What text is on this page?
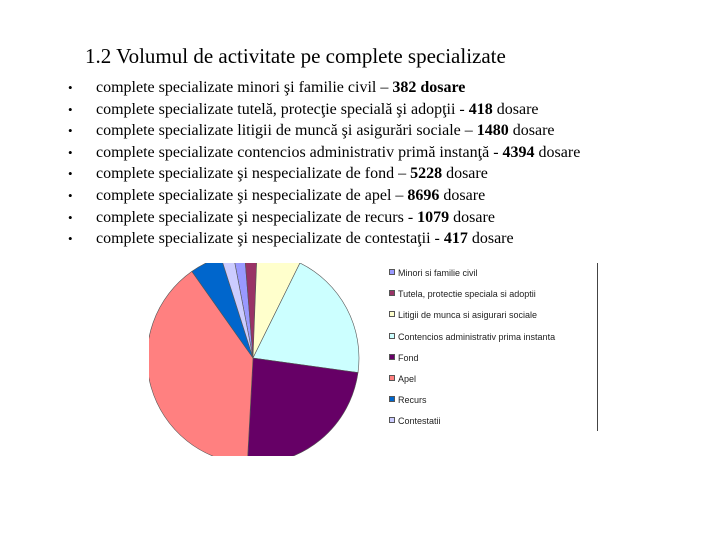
1.2 Volumul de activitate pe complete specializate
• complete specializate minori şi familie civil – 382 dosare
• complete specializate tutelă, protecţie specială şi adopţii - 418 dosare
• complete specializate litigii de muncă şi asigurări sociale – 1480 dosare
• complete specializate contencios administrativ primă instanţă - 4394 dosare
• complete specializate şi nespecializate de fond – 5228 dosare
• complete specializate şi nespecializate de apel – 8696 dosare
• complete specializate şi nespecializate de recurs - 1079 dosare
• complete specializate şi nespecializate de contestaţii - 417 dosare
Minori si familie civil
Tutela, protectie speciala si adoptii
Litigii de munca si asigurari sociale
Contencios administrativ prima instanta
Fond
Apel
Recurs
Contestatii
